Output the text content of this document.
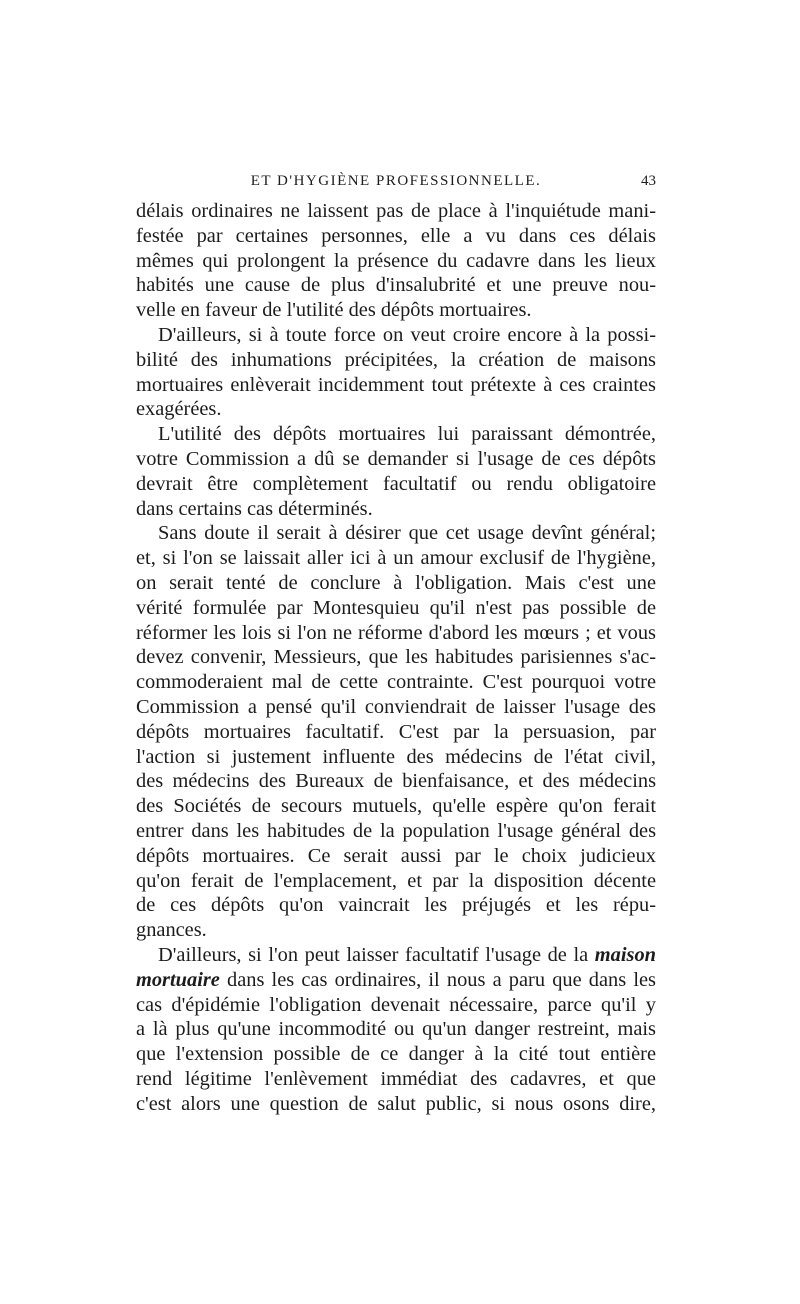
ET D'HYGIÈNE PROFESSIONNELLE.	43
délais ordinaires ne laissent pas de place à l'inquiétude mani-
festée par certaines personnes, elle a vu dans ces délais
mêmes qui prolongent la présence du cadavre dans les lieux
habités une cause de plus d'insalubrité et une preuve nou-
velle en faveur de l'utilité des dépôts mortuaires.
D'ailleurs, si à toute force on veut croire encore à la possi-
bilité des inhumations précipitées, la création de maisons
mortuaires enlèverait incidemment tout prétexte à ces craintes
exagérées.
L'utilité des dépôts mortuaires lui paraissant démontrée,
votre Commission a dû se demander si l'usage de ces dépôts
devrait être complètement facultatif ou rendu obligatoire
dans certains cas déterminés.
Sans doute il serait à désirer que cet usage devînt général;
et, si l'on se laissait aller ici à un amour exclusif de l'hygiène,
on serait tenté de conclure à l'obligation. Mais c'est une
vérité formulée par Montesquieu qu'il n'est pas possible de
réformer les lois si l'on ne réforme d'abord les mœurs ; et vous
devez convenir, Messieurs, que les habitudes parisiennes s'ac-
commoderaient mal de cette contrainte. C'est pourquoi votre
Commission a pensé qu'il conviendrait de laisser l'usage des
dépôts mortuaires facultatif. C'est par la persuasion, par
l'action si justement influente des médecins de l'état civil,
des médecins des Bureaux de bienfaisance, et des médecins
des Sociétés de secours mutuels, qu'elle espère qu'on ferait
entrer dans les habitudes de la population l'usage général des
dépôts mortuaires. Ce serait aussi par le choix judicieux
qu'on ferait de l'emplacement, et par la disposition décente
de ces dépôts qu'on vaincrait les préjugés et les répu-
gnances.
D'ailleurs, si l'on peut laisser facultatif l'usage de la maison
mortuaire dans les cas ordinaires, il nous a paru que dans les
cas d'épidémie l'obligation devenait nécessaire, parce qu'il y
a là plus qu'une incommodité ou qu'un danger restreint, mais
que l'extension possible de ce danger à la cité tout entière
rend légitime l'enlèvement immédiat des cadavres, et que
c'est alors une question de salut public, si nous osons dire,
